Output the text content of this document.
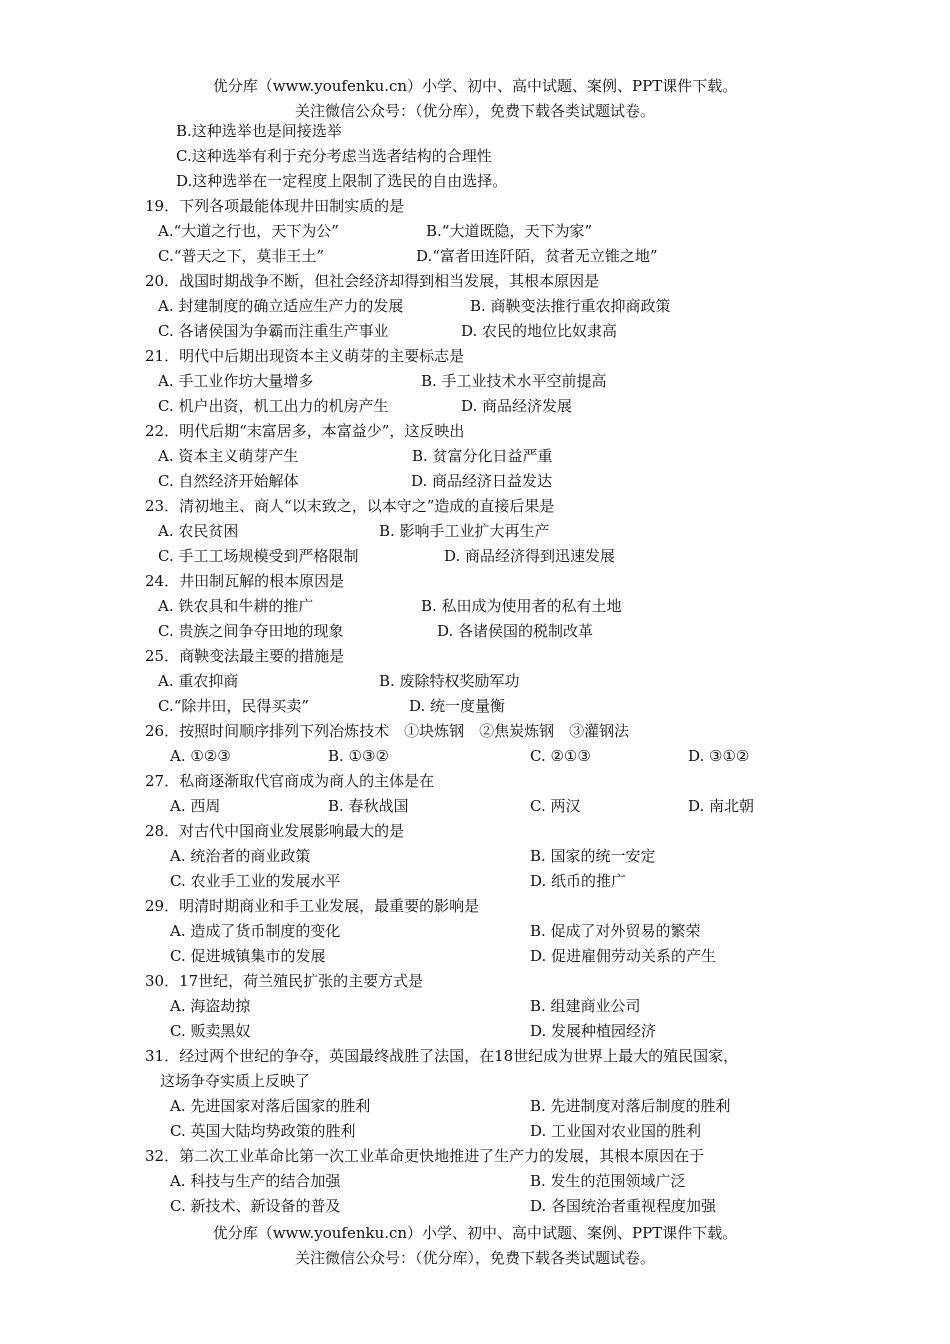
优分库（www.youfenku.cn）小学、初中、高中试题、案例、PPT课件下载。
关注微信公众号：（优分库），免费下载各类试题试卷。
B.这种选举也是间接选举
C.这种选举有利于充分考虑当选者结构的合理性
D.这种选举在一定程度上限制了选民的自由选择。
19．下列各项最能体现井田制实质的是
A.“大道之行也，天下为公”	B.“大道既隐，天下为家”
C.“普天之下，莫非王土”	D.“富者田连阡陌，贫者无立锥之地”
20．战国时期战争不断，但社会经济却得到相当发展，其根本原因是
A. 封建制度的确立适应生产力的发展	B. 商鞅变法推行重农抑商政策
C. 各诸侯国为争霸而注重生产事业	D. 农民的地位比奴隶高
21．明代中后期出现资本主义萌芽的主要标志是
A. 手工业作坊大量增多	B. 手工业技术水平空前提高
C. 机户出资，机工出力的机房产生	D. 商品经济发展
22．明代后期“末富居多，本富益少”，这反映出
A. 资本主义萌芽产生	B. 贫富分化日益严重
C. 自然经济开始解体	D. 商品经济日益发达
23．清初地主、商人“以末致之，以本守之”造成的直接后果是
A. 农民贫困	B. 影响手工业扩大再生产
C. 手工工场规模受到严格限制	D. 商品经济得到迅速发展
24．井田制瓦解的根本原因是
A. 铁农具和牛耕的推广	B. 私田成为使用者的私有土地
C. 贵族之间争夺田地的现象	D. 各诸侯国的税制改革
25．商鞅变法最主要的措施是
A. 重农抑商	B. 废除特权奖励军功
C.“除井田，民得买卖”	D. 统一度量衡
26．按照时间顺序排列下列冶炼技术　①块炼钢　②焦炭炼钢　③灌钢法
A. ①②③	B. ①③②	C. ②①③	D. ③①②
27．私商逐渐取代官商成为商人的主体是在
A. 西周	B. 春秋战国	C. 两汉	D. 南北朝
28．对古代中国商业发展影响最大的是
A. 统治者的商业政策	B. 国家的统一安定
C. 农业手工业的发展水平	D. 纸币的推广
29．明清时期商业和手工业发展，最重要的影响是
A. 造成了货币制度的变化	B. 促成了对外贸易的繁荣
C. 促进城镇集市的发展	D. 促进雇佣劳动关系的产生
30．17世纪，荷兰殖民扩张的主要方式是
A. 海盗劫掠	B. 组建商业公司
C. 贩卖黑奴	D. 发展种植园经济
31．经过两个世纪的争夺，英国最终战胜了法国，在18世纪成为世界上最大的殖民国家，
这场争夺实质上反映了
A. 先进国家对落后国家的胜利	B. 先进制度对落后制度的胜利
C. 英国大陆均势政策的胜利	D. 工业国对农业国的胜利
32．第二次工业革命比第一次工业革命更快地推进了生产力的发展，其根本原因在于
A. 科技与生产的结合加强	B. 发生的范围领域广泛
C. 新技术、新设备的普及	D. 各国统治者重视程度加强
优分库（www.youfenku.cn）小学、初中、高中试题、案例、PPT课件下载。
关注微信公众号：（优分库），免费下载各类试题试卷。
